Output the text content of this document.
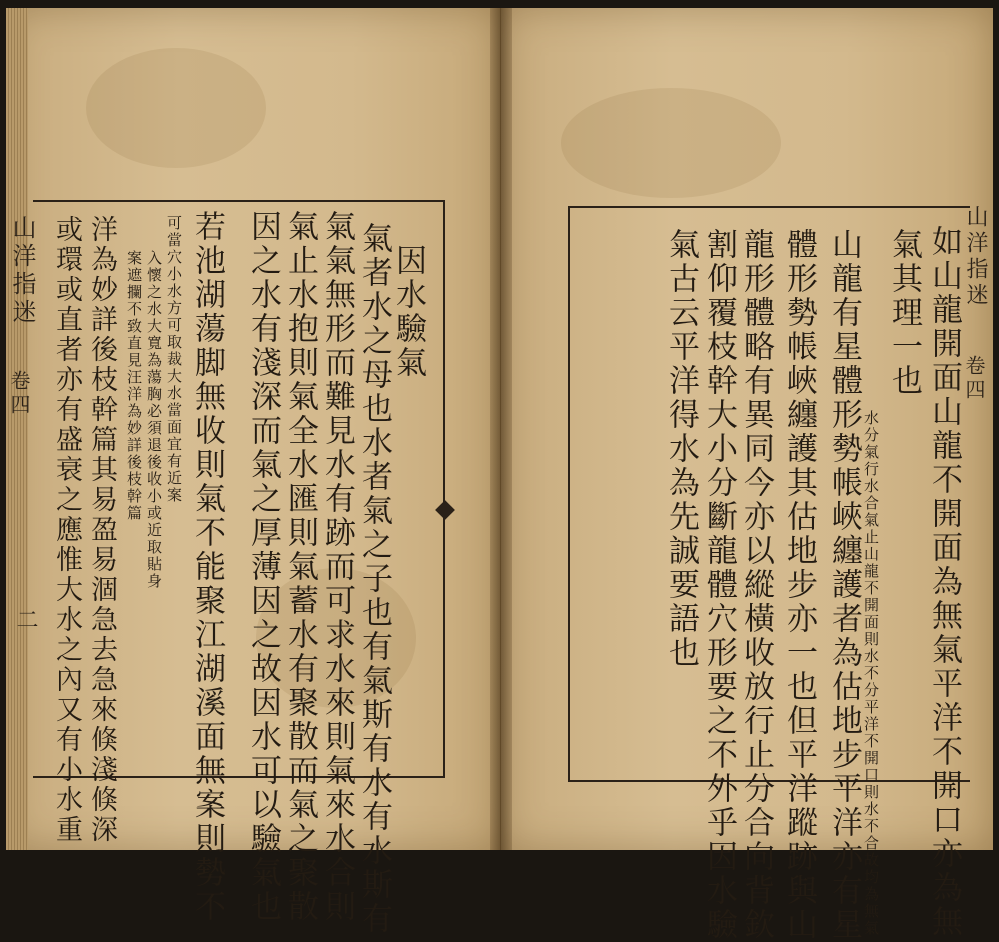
山洋指迷
卷四
二
因水驗氣
氣者水之母也水者氣之子也有氣斯有水有水斯有
氣氣無形而難見水有跡而可求水來則氣來水合則
氣止水抱則氣全水匯則氣蓄水有聚散而氣之聚散
因之水有淺深而氣之厚薄因之故因水可以驗氣也
若池湖蕩脚無收則氣不能聚江湖溪面無案則勢不
可當穴小水方可取裁大水當面宜有近案
入懷之水大寬為蕩胸必須退後收小或近取貼身
案遮攔不致直見汪洋為妙詳後枝幹篇
洋為妙詳後枝幹篇其易盈易涸急去急來倏淺倏深
或環或直者亦有盛衰之應惟大水之內又有小水重	山洋指迷
卷四
如山龍開面山龍不開面為無氣平洋不開口亦為無
氣其理一也
水分氣行水合氣止山龍不開面則水不分平洋不開口則水不合故均為無氣
山龍有星體形勢帳峽纏護者為估地步平洋亦有星
體形勢帳峽纏護其估地步亦一也但平洋蹤跡與山
龍形體略有異同今亦以縱橫收放行止分合向背欽
割仰覆枝幹大小分斷龍體穴形要之不外乎因水驗
氣古云平洋得水為先誠要語也
